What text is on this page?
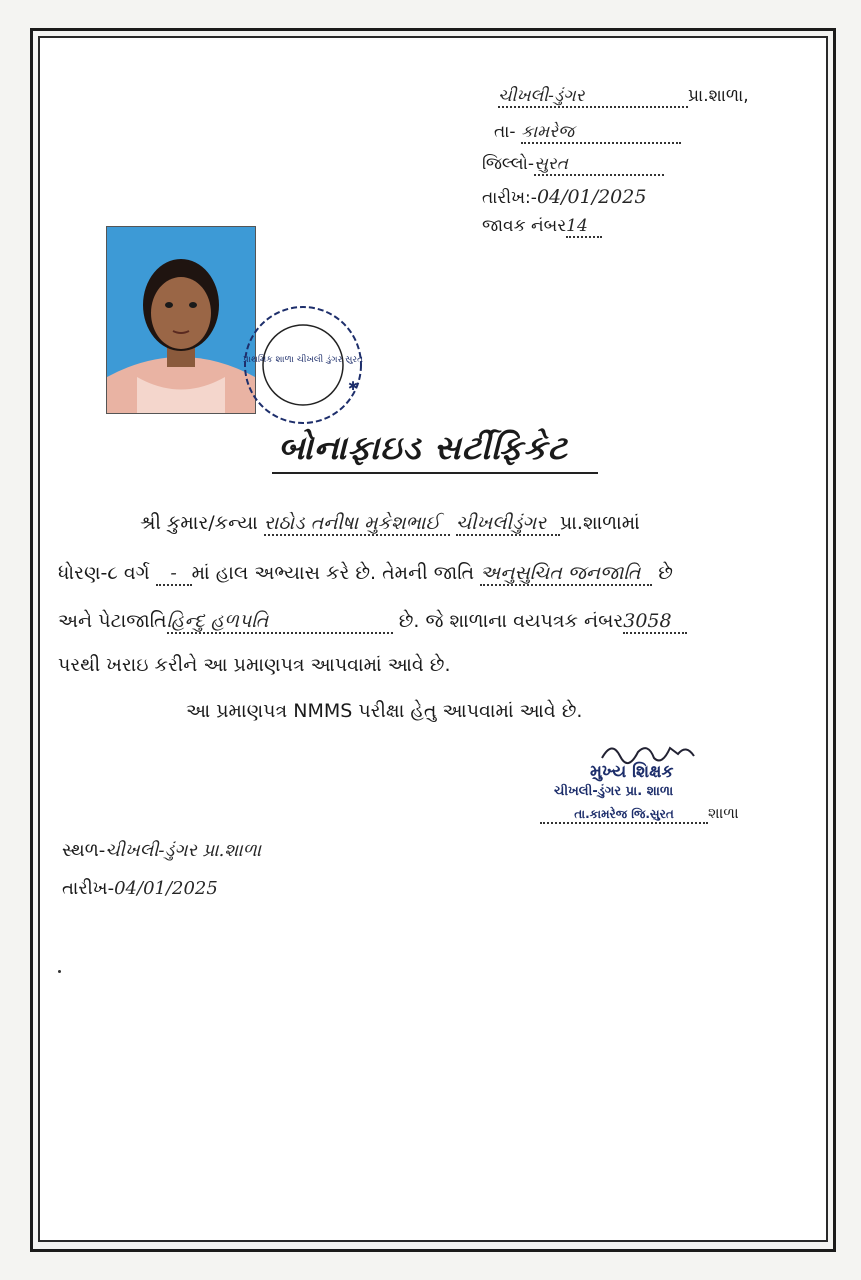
ચીખલી-ડુંગર	પ્રા.શાળા,
તા- કામરેજ
જિલ્લો-સુરત
તારીખ:-04/01/2025
જાવક નંબર14
પ્રાથમિક શાળા ચીખલી ડુંગર સુરત
✱
બોનાફાઇડ સર્ટીફિકેટ
શ્રી કુમાર/કન્યા રાઠોડ તનીષા મુકેશભાઈ ચીખલીડુંગર પ્રા.શાળામાં
ધોરણ-૮ વર્ગ - માં હાલ અભ્યાસ કરે છે. તેમની જાતિ અનુસુચિત જનજાતિ છે
અને પેટાજાતિહિન્દુ હળપતિ	છે. જે શાળાના વયપત્રક નંબર3058
પરથી ખરાઇ કરીને આ પ્રમાણપત્ર આપવામાં આવે છે.
આ પ્રમાણપત્ર NMMS પરીક્ષા હેતુ આપવામાં આવે છે.
મુખ્ય શિક્ષક
ચીખલી-ડુંગર પ્રા. શાળા
તા.કામરેજ જિ.સુરત શાળા
સ્થળ-ચીખલી-ડુંગર પ્રા.શાળા
તારીખ-04/01/2025
